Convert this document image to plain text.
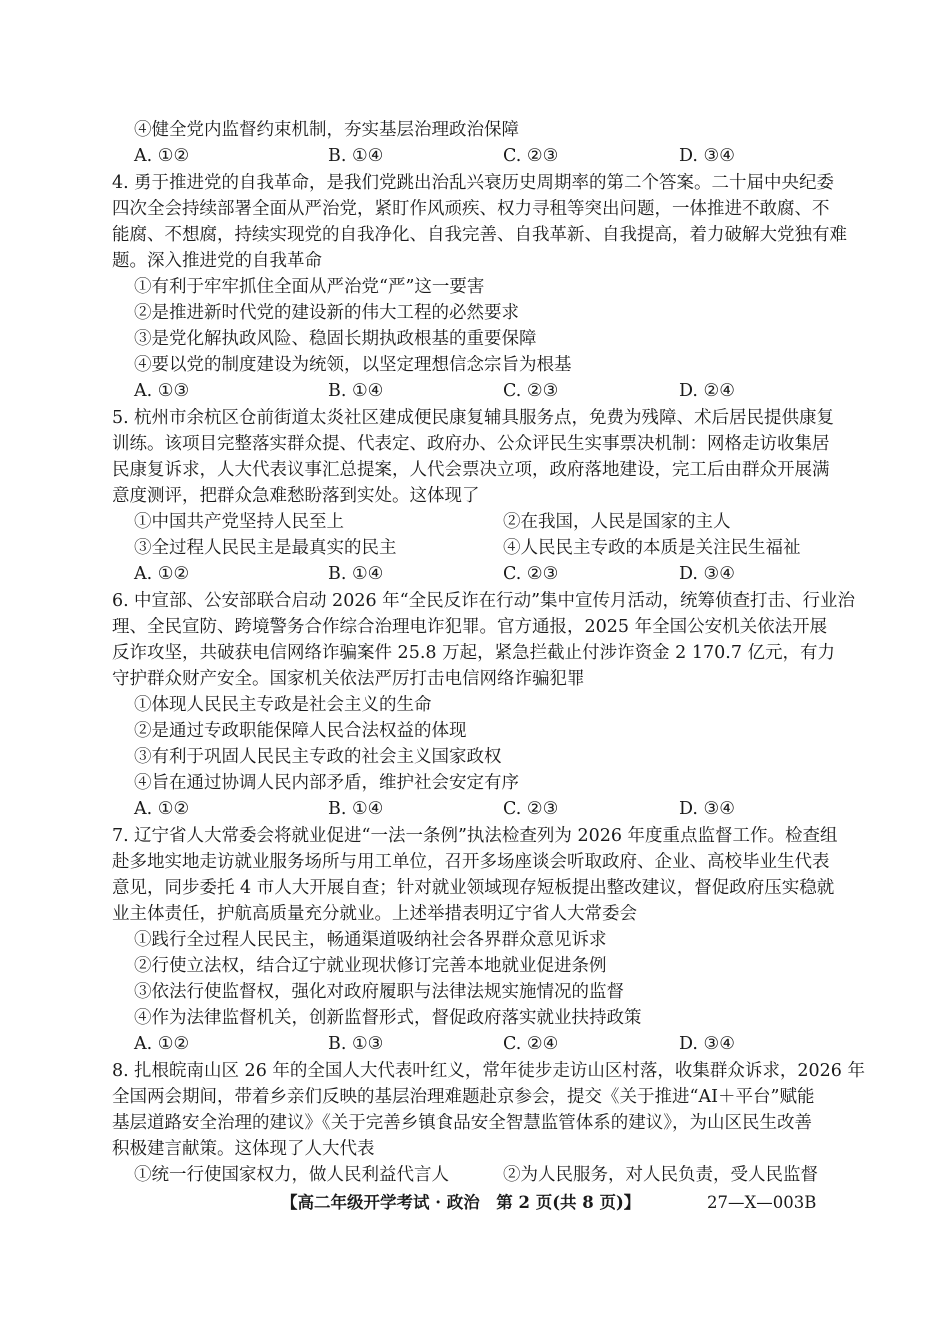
④健全党内监督约束机制，夯实基层治理政治保障
A. ①②	B. ①④	C. ②③	D. ③④
4. 勇于推进党的自我革命，是我们党跳出治乱兴衰历史周期率的第二个答案。二十届中央纪委
四次全会持续部署全面从严治党，紧盯作风顽疾、权力寻租等突出问题，一体推进不敢腐、不
能腐、不想腐，持续实现党的自我净化、自我完善、自我革新、自我提高，着力破解大党独有难
题。深入推进党的自我革命
①有利于牢牢抓住全面从严治党“严”这一要害
②是推进新时代党的建设新的伟大工程的必然要求
③是党化解执政风险、稳固长期执政根基的重要保障
④要以党的制度建设为统领，以坚定理想信念宗旨为根基
A. ①③	B. ①④	C. ②③	D. ②④
5. 杭州市余杭区仓前街道太炎社区建成便民康复辅具服务点，免费为残障、术后居民提供康复
训练。该项目完整落实群众提、代表定、政府办、公众评民生实事票决机制：网格走访收集居
民康复诉求，人大代表议事汇总提案，人代会票决立项，政府落地建设，完工后由群众开展满
意度测评，把群众急难愁盼落到实处。这体现了
①中国共产党坚持人民至上	②在我国，人民是国家的主人
③全过程人民民主是最真实的民主	④人民民主专政的本质是关注民生福祉
A. ①②	B. ①④	C. ②③	D. ③④
6. 中宣部、公安部联合启动 2026 年“全民反诈在行动”集中宣传月活动，统筹侦查打击、行业治
理、全民宣防、跨境警务合作综合治理电诈犯罪。官方通报，2025 年全国公安机关依法开展
反诈攻坚，共破获电信网络诈骗案件 25.8 万起，紧急拦截止付涉诈资金 2 170.7 亿元，有力
守护群众财产安全。国家机关依法严厉打击电信网络诈骗犯罪
①体现人民民主专政是社会主义的生命
②是通过专政职能保障人民合法权益的体现
③有利于巩固人民民主专政的社会主义国家政权
④旨在通过协调人民内部矛盾，维护社会安定有序
A. ①②	B. ①④	C. ②③	D. ③④
7. 辽宁省人大常委会将就业促进“一法一条例”执法检查列为 2026 年度重点监督工作。检查组
赴多地实地走访就业服务场所与用工单位，召开多场座谈会听取政府、企业、高校毕业生代表
意见，同步委托 4 市人大开展自查；针对就业领域现存短板提出整改建议，督促政府压实稳就
业主体责任，护航高质量充分就业。上述举措表明辽宁省人大常委会
①践行全过程人民民主，畅通渠道吸纳社会各界群众意见诉求
②行使立法权，结合辽宁就业现状修订完善本地就业促进条例
③依法行使监督权，强化对政府履职与法律法规实施情况的监督
④作为法律监督机关，创新监督形式，督促政府落实就业扶持政策
A. ①②	B. ①③	C. ②④	D. ③④
8. 扎根皖南山区 26 年的全国人大代表叶红义，常年徒步走访山区村落，收集群众诉求，2026 年
全国两会期间，带着乡亲们反映的基层治理难题赴京参会，提交《关于推进“AI＋平台”赋能
基层道路安全治理的建议》《关于完善乡镇食品安全智慧监管体系的建议》，为山区民生改善
积极建言献策。这体现了人大代表
①统一行使国家权力，做人民利益代言人	②为人民服务，对人民负责，受人民监督
【高二年级开学考试 · 政治　第 2 页(共 8 页)】	27—X—003B
